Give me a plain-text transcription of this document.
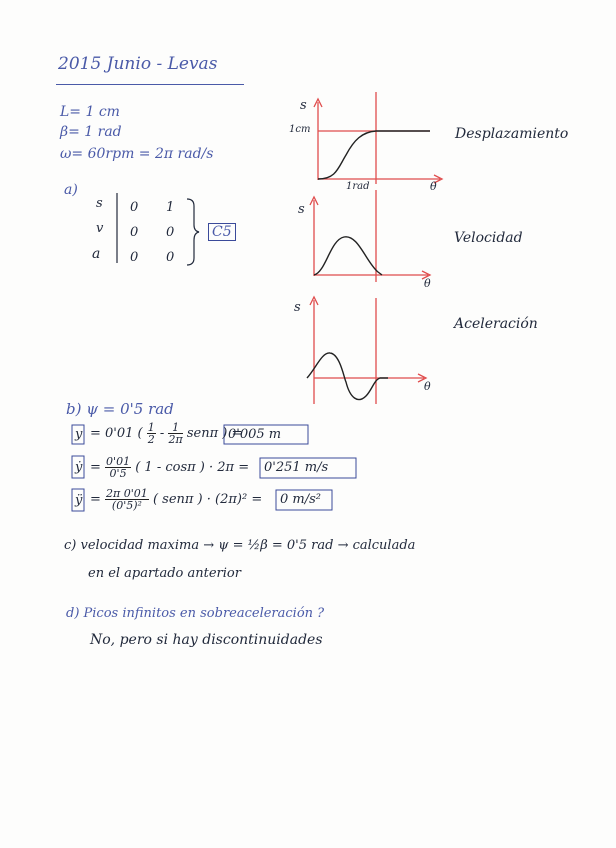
2015 Junio - Levas
L= 1 cm
β= 1 rad
ω= 60rpm = 2π rad/s
a)
s
v
a
0
0
0
1
0
0
C5
s
1cm
1rad	θ
Desplazamiento
s
θ
Velocidad
s
θ
Aceleración
b) ψ = 0'5 rad
y = 0'01 ( $\frac{1}{2} - \frac{1}{2\pi}$ senπ ) =
0'005 m
ẏ = $\frac{0'01}{0'5}$ ( 1 - cosπ ) · 2π = 0'251 m/s
ÿ = $\frac{2\pi 0'01}{\text{(0'5)²}}$ ( senπ ) · (2π)² = 0 m/s²
c) velocidad maxima → ψ = ½β = 0'5 rad → calculada
en el apartado anterior
d) Picos infinitos en sobreaceleración ?
No, pero si hay discontinuidades
